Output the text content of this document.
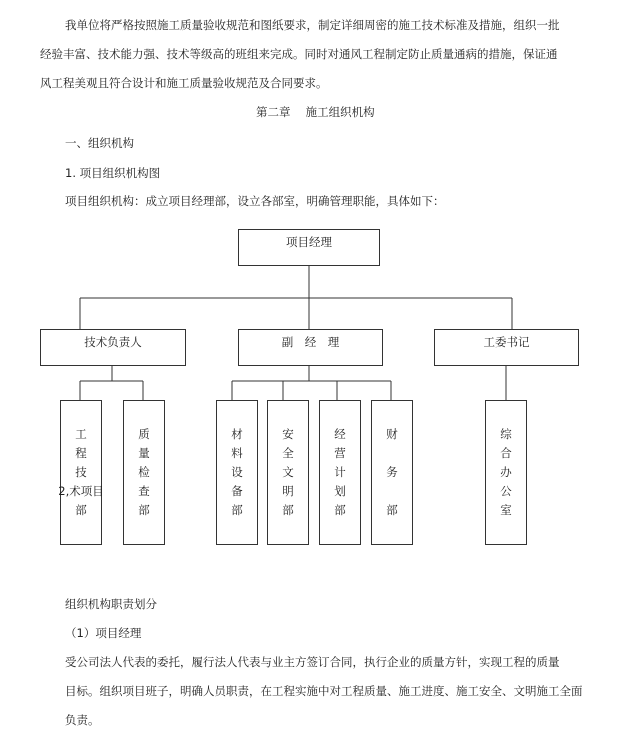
我单位将严格按照施工质量验收规范和图纸要求，制定详细周密的施工技术标准及措施，组织一批
经验丰富、技术能力强、技术等级高的班组来完成。同时对通风工程制定防止质量通病的措施，保证通
风工程美观且符合设计和施工质量验收规范及合同要求。
第二章　 施工组织机构
一、组织机构
1. 项目组织机构图
项目组织机构：成立项目经理部，设立各部室，明确管理职能，具体如下：
项目经理
技术负责人	副　经　理	工委书记
工
程
技
2,术项目
部
质
量
检
查
部
材
料
设
备
部
安
全
文
明
部
经
营
计
划
部
财
务
部
综
合
办
公
室
组织机构职责划分
（1）项目经理
受公司法人代表的委托，履行法人代表与业主方签订合同，执行企业的质量方针，实现工程的质量
目标。组织项目班子，明确人员职责，在工程实施中对工程质量、施工进度、施工安全、文明施工全面
负责。
